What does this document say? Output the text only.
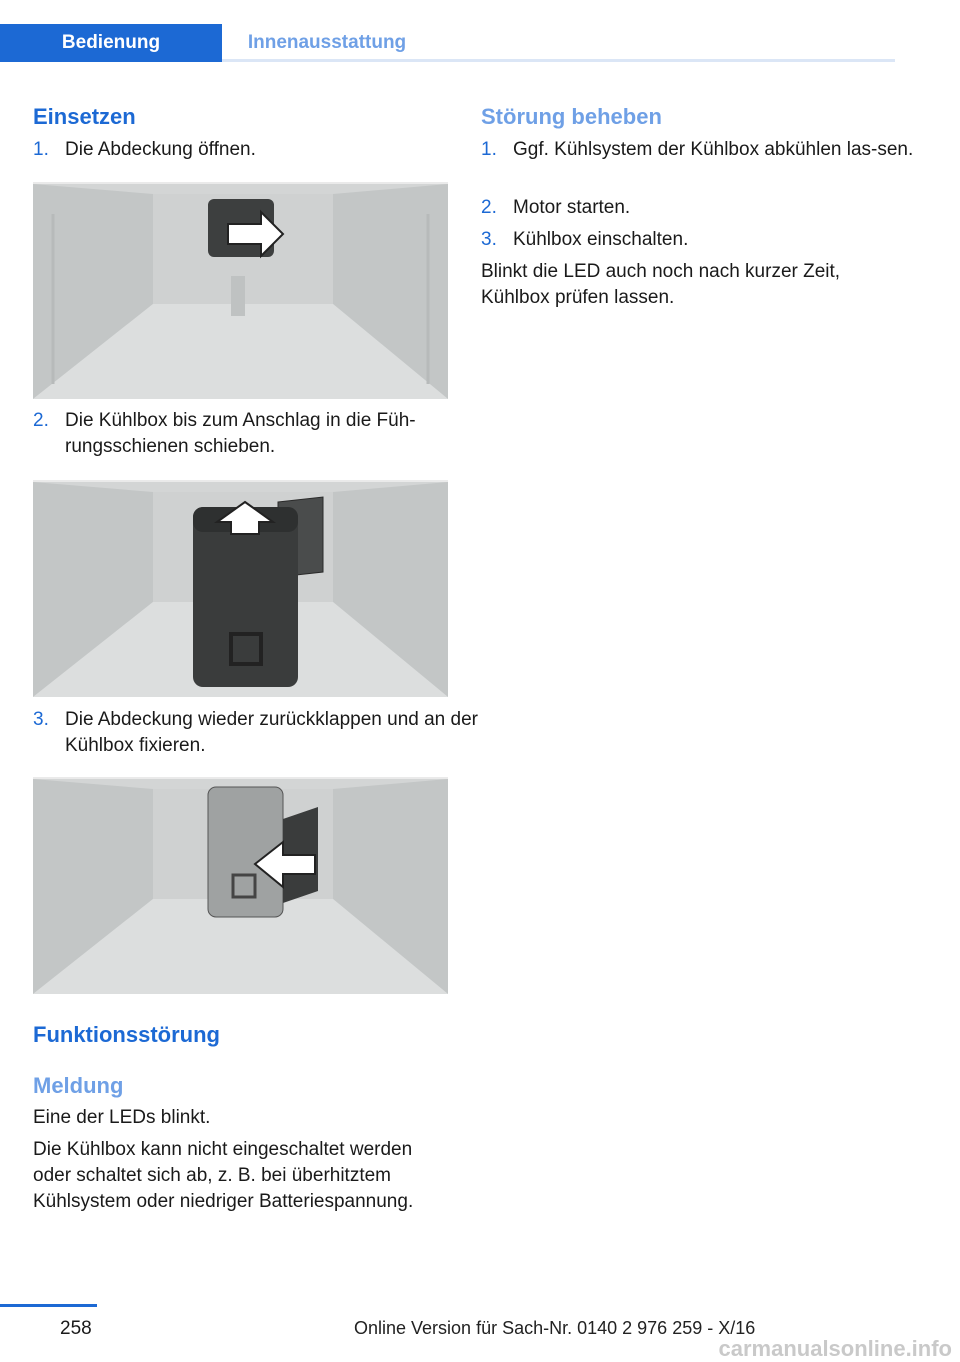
Bedienung	Innenausstattung
Einsetzen
1. Die Abdeckung öffnen.
2. Die Kühlbox bis zum Anschlag in die Füh‐rungsschienen schieben.
3. Die Abdeckung wieder zurückklappen und an der Kühlbox fixieren.
Funktionsstörung
Meldung

Eine der LEDs blinkt.

Die Kühlbox kann nicht eingeschaltet werden oder schaltet sich ab, z. B. bei überhitztem Kühlsystem oder niedriger Batteriespannung.

Störung beheben
1. Ggf. Kühlsystem der Kühlbox abkühlen las‐sen.
2. Motor starten.
3. Kühlbox einschalten.

Blinkt die LED auch noch nach kurzer Zeit, Kühlbox prüfen lassen.

258	Online Version für Sach-Nr. 0140 2 976 259 - X/16
carmanualsonline.info
